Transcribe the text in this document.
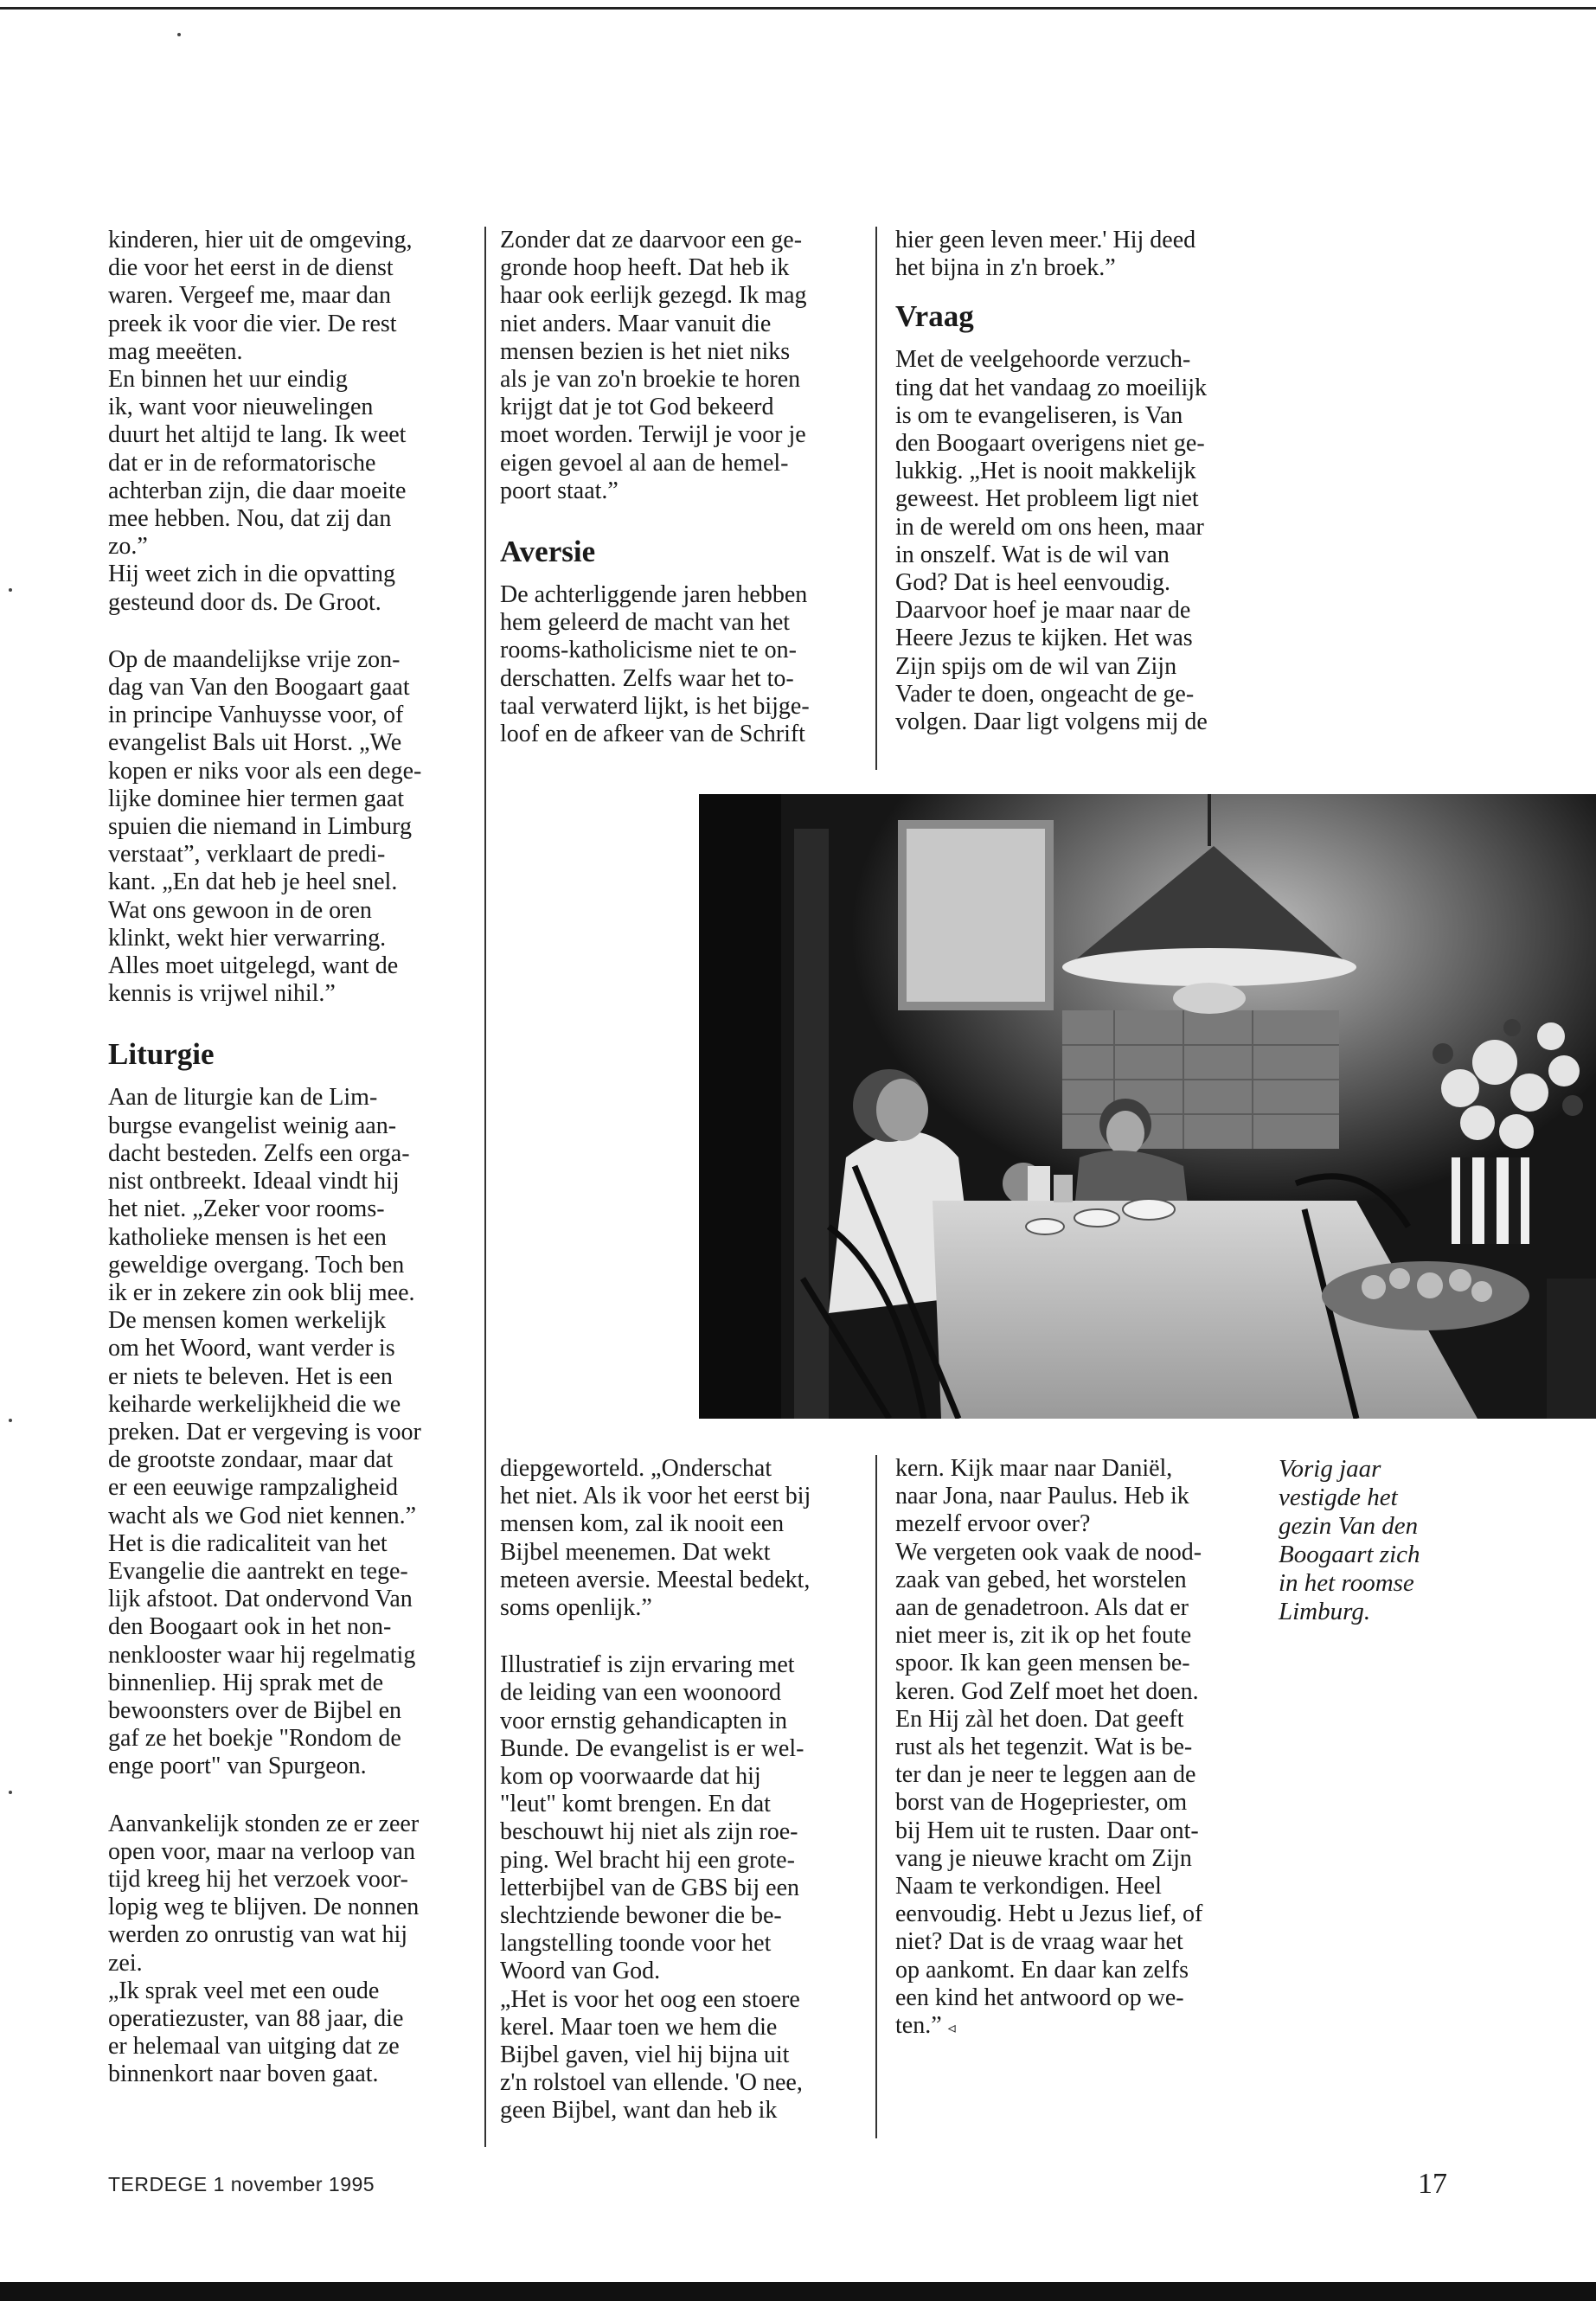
kinderen, hier uit de omgeving,
die voor het eerst in de dienst
waren. Vergeef me, maar dan
preek ik voor die vier. De rest
mag meeëten.
En binnen het uur eindig
ik, want voor nieuwelingen
duurt het altijd te lang. Ik weet
dat er in de reformatorische
achterban zijn, die daar moeite
mee hebben. Nou, dat zij dan
zo.”
Hij weet zich in die opvatting
gesteund door ds. De Groot.

Op de maandelijkse vrije zon-
dag van Van den Boogaart gaat
in principe Vanhuysse voor, of
evangelist Bals uit Horst. „We
kopen er niks voor als een dege-
lijke dominee hier termen gaat
spuien die niemand in Limburg
verstaat”, verklaart de predi-
kant. „En dat heb je heel snel.
Wat ons gewoon in de oren
klinkt, wekt hier verwarring.
Alles moet uitgelegd, want de
kennis is vrijwel nihil.”

Liturgie

Aan de liturgie kan de Lim-
burgse evangelist weinig aan-
dacht besteden. Zelfs een orga-
nist ontbreekt. Ideaal vindt hij
het niet. „Zeker voor rooms-
katholieke mensen is het een
geweldige overgang. Toch ben
ik er in zekere zin ook blij mee.
De mensen komen werkelijk
om het Woord, want verder is
er niets te beleven. Het is een
keiharde werkelijkheid die we
preken. Dat er vergeving is voor
de grootste zondaar, maar dat
er een eeuwige rampzaligheid
wacht als we God niet kennen.”
Het is die radicaliteit van het
Evangelie die aantrekt en tege-
lijk afstoot. Dat ondervond Van
den Boogaart ook in het non-
nenklooster waar hij regelmatig
binnenliep. Hij sprak met de
bewoonsters over de Bijbel en
gaf ze het boekje "Rondom de
enge poort" van Spurgeon.

Aanvankelijk stonden ze er zeer
open voor, maar na verloop van
tijd kreeg hij het verzoek voor-
lopig weg te blijven. De nonnen
werden zo onrustig van wat hij
zei.
„Ik sprak veel met een oude
operatiezuster, van 88 jaar, die
er helemaal van uitging dat ze
binnenkort naar boven gaat.

Zonder dat ze daarvoor een ge-
gronde hoop heeft. Dat heb ik
haar ook eerlijk gezegd. Ik mag
niet anders. Maar vanuit die
mensen bezien is het niet niks
als je van zo'n broekie te horen
krijgt dat je tot God bekeerd
moet worden. Terwijl je voor je
eigen gevoel al aan de hemel-
poort staat.”

Aversie

De achterliggende jaren hebben
hem geleerd de macht van het
rooms-katholicisme niet te on-
derschatten. Zelfs waar het to-
taal verwaterd lijkt, is het bijge-
loof en de afkeer van de Schrift

hier geen leven meer.' Hij deed
het bijna in z'n broek.”

Vraag

Met de veelgehoorde verzuch-
ting dat het vandaag zo moeilijk
is om te evangeliseren, is Van
den Boogaart overigens niet ge-
lukkig. „Het is nooit makkelijk
geweest. Het probleem ligt niet
in de wereld om ons heen, maar
in onszelf. Wat is de wil van
God? Dat is heel eenvoudig.
Daarvoor hoef je maar naar de
Heere Jezus te kijken. Het was
Zijn spijs om de wil van Zijn
Vader te doen, ongeacht de ge-
volgen. Daar ligt volgens mij de

diepgeworteld. „Onderschat
het niet. Als ik voor het eerst bij
mensen kom, zal ik nooit een
Bijbel meenemen. Dat wekt
meteen aversie. Meestal bedekt,
soms openlijk.”

Illustratief is zijn ervaring met
de leiding van een woonoord
voor ernstig gehandicapten in
Bunde. De evangelist is er wel-
kom op voorwaarde dat hij
"leut" komt brengen. En dat
beschouwt hij niet als zijn roe-
ping. Wel bracht hij een grote-
letterbijbel van de GBS bij een
slechtziende bewoner die be-
langstelling toonde voor het
Woord van God.
„Het is voor het oog een stoere
kerel. Maar toen we hem die
Bijbel gaven, viel hij bijna uit
z'n rolstoel van ellende. 'O nee,
geen Bijbel, want dan heb ik

kern. Kijk maar naar Daniël,
naar Jona, naar Paulus. Heb ik
mezelf ervoor over?
We vergeten ook vaak de nood-
zaak van gebed, het worstelen
aan de genadetroon. Als dat er
niet meer is, zit ik op het foute
spoor. Ik kan geen mensen be-
keren. God Zelf moet het doen.
En Hij zàl het doen. Dat geeft
rust als het tegenzit. Wat is be-
ter dan je neer te leggen aan de
borst van de Hogepriester, om
bij Hem uit te rusten. Daar ont-
vang je nieuwe kracht om Zijn
Naam te verkondigen. Heel
eenvoudig. Hebt u Jezus lief, of
niet? Dat is de vraag waar het
op aankomt. En daar kan zelfs
een kind het antwoord op we-
ten.” ◃

Vorig jaar
vestigde het
gezin Van den
Boogaart zich
in het roomse
Limburg.
TERDEGE 1 november 1995	17
